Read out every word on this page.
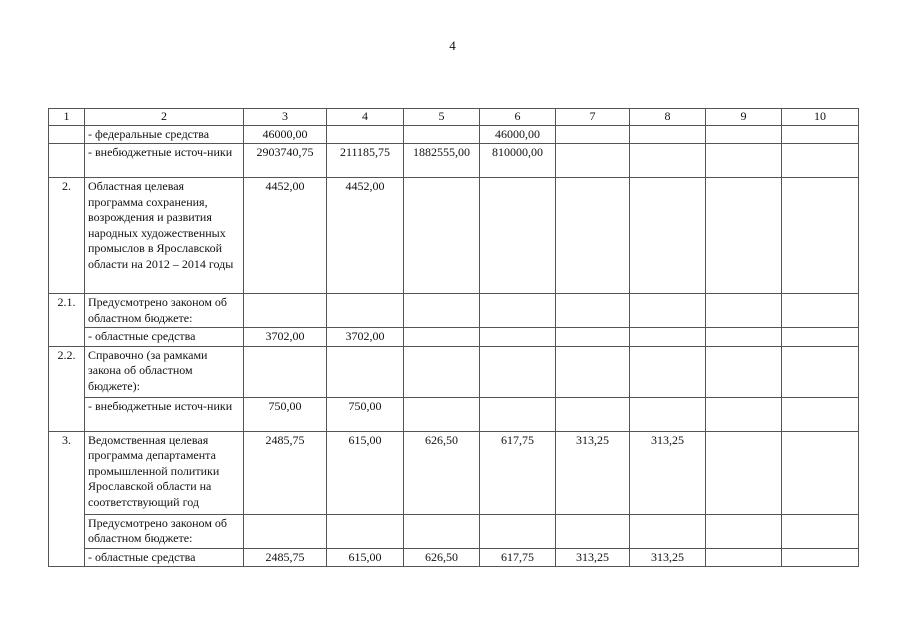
4
1	2	3	4	5	6	7	8	9	10
	- федеральные средства	46000,00			46000,00				
	- внебюджетные источ-ники	2903740,75	211185,75	1882555,00	810000,00				
2.	Областная целевая программа сохранения, возрождения и развития народных художественных промыслов в Ярославской области на 2012 – 2014 годы	4452,00	4452,00						
2.1.	Предусмотрено законом об областном бюджете:								
	- областные средства	3702,00	3702,00						
2.2.	Справочно (за рамками закона об областном бюджете):								
	- внебюджетные источ-ники	750,00	750,00						
3.	Ведомственная целевая программа департамента промышленной политики Ярославской области на соответствующий год	2485,75	615,00	626,50	617,75	313,25	313,25		
	Предусмотрено законом об областном бюджете:								
	- областные средства	2485,75	615,00	626,50	617,75	313,25	313,25		
